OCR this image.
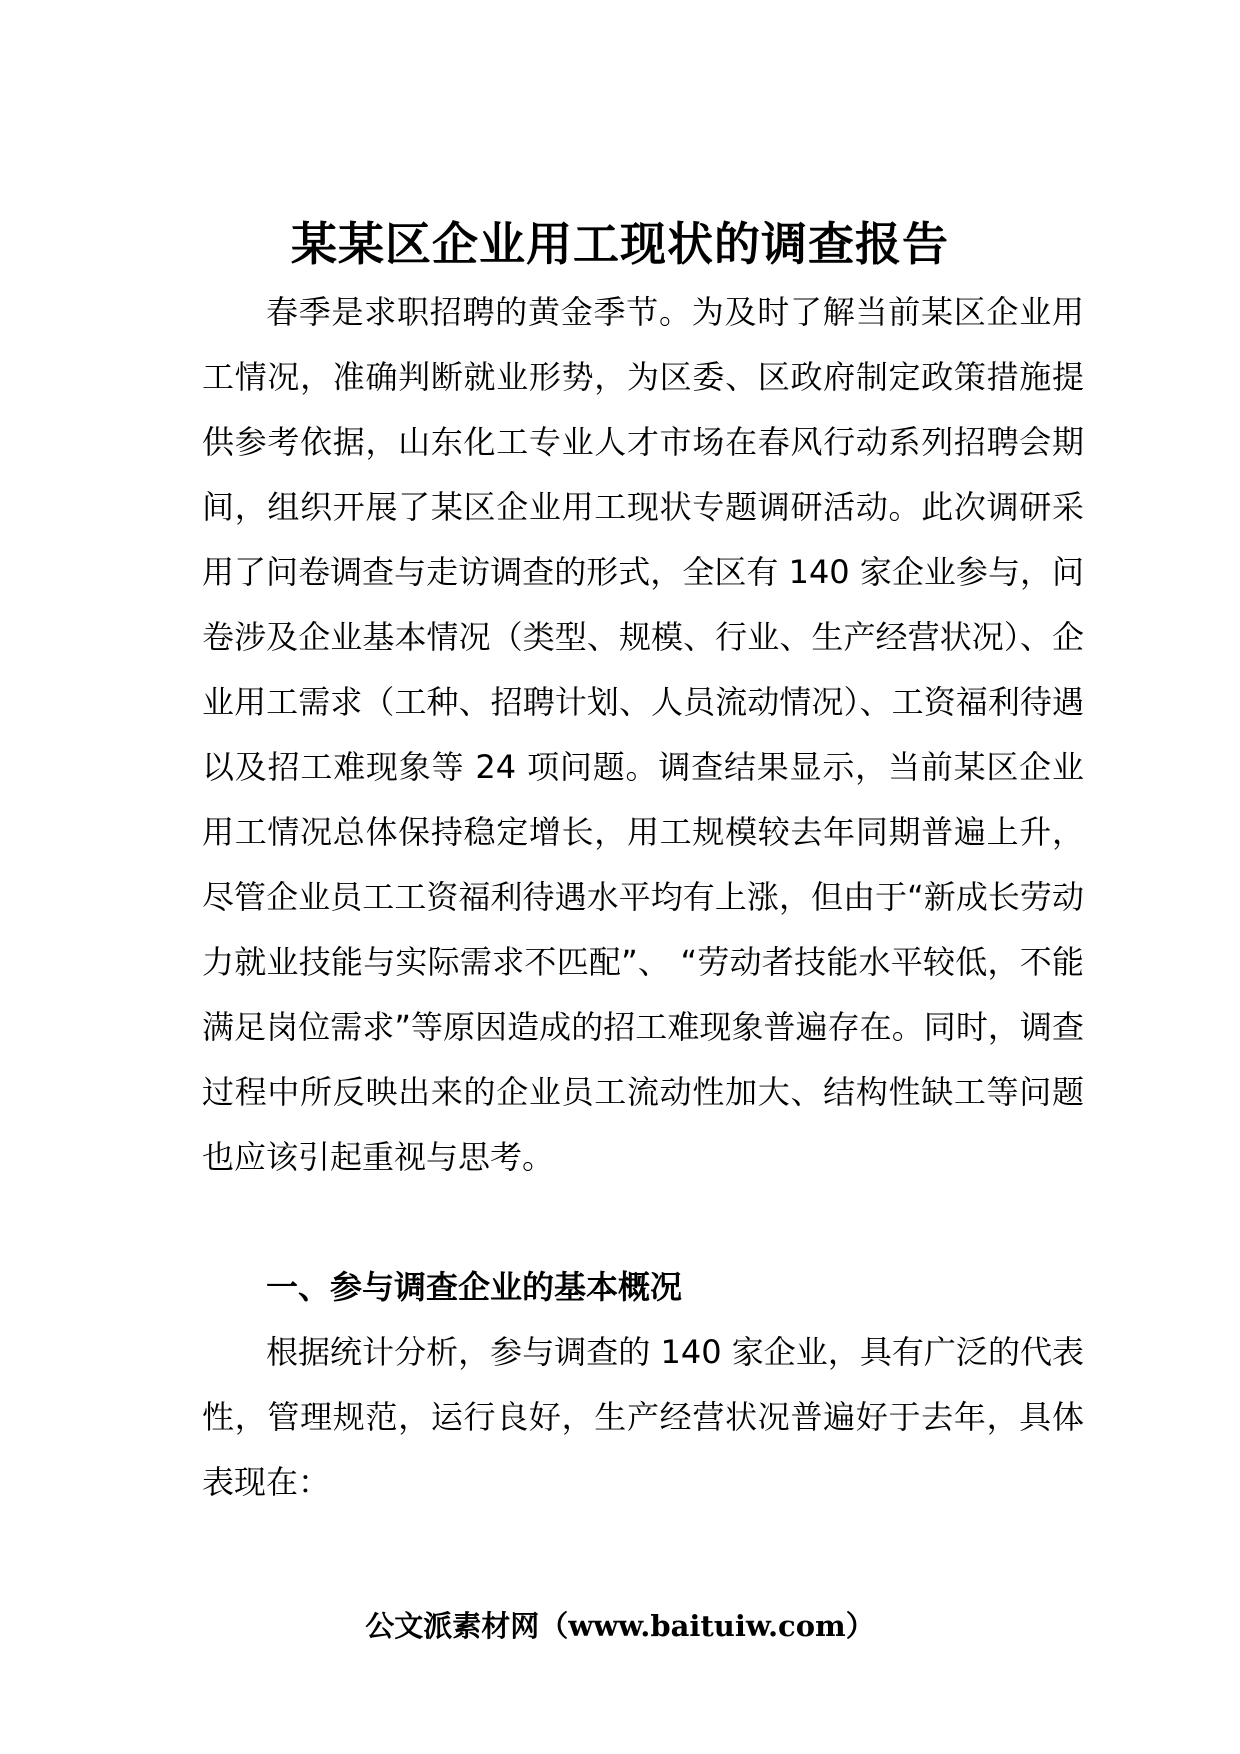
某某区企业用工现状的调查报告

春季是求职招聘的黄金季节。为及时了解当前某区企业用工情况，准确判断就业形势，为区委、区政府制定政策措施提供参考依据，山东化工专业人才市场在春风行动系列招聘会期间，组织开展了某区企业用工现状专题调研活动。此次调研采用了问卷调查与走访调查的形式，全区有 140 家企业参与，问卷涉及企业基本情况（类型、规模、行业、生产经营状况）、企业用工需求（工种、招聘计划、人员流动情况）、工资福利待遇以及招工难现象等 24 项问题。调查结果显示，当前某区企业用工情况总体保持稳定增长，用工规模较去年同期普遍上升，尽管企业员工工资福利待遇水平均有上涨，但由于“新成长劳动力就业技能与实际需求不匹配”、 “劳动者技能水平较低，不能满足岗位需求”等原因造成的招工难现象普遍存在。同时，调查过程中所反映出来的企业员工流动性加大、结构性缺工等问题也应该引起重视与思考。

一、参与调查企业的基本概况

根据统计分析，参与调查的 140 家企业，具有广泛的代表性，管理规范，运行良好，生产经营状况普遍好于去年，具体表现在：

公文派素材网（www.baituiw.com）
